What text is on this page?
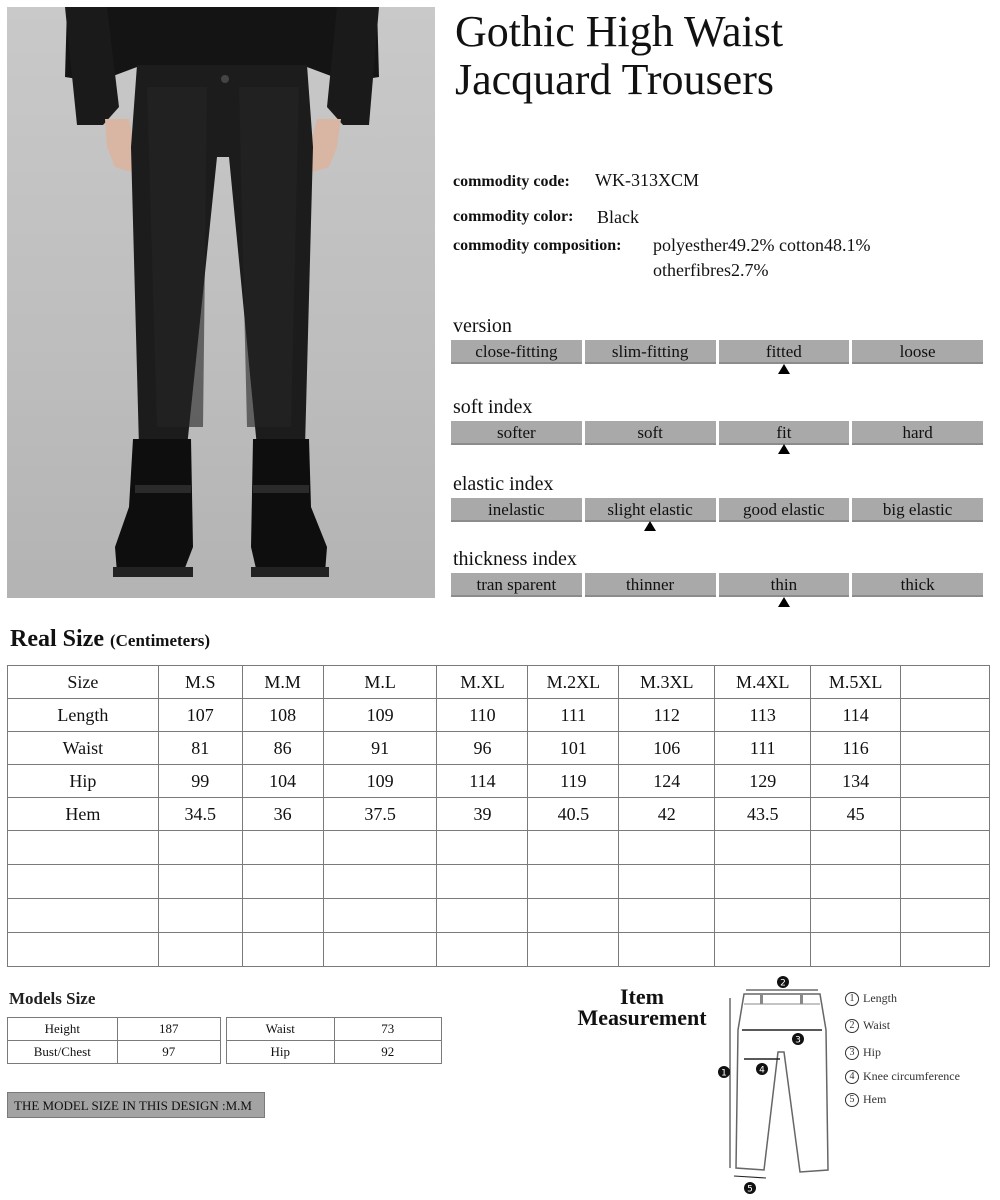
Gothic High Waist
Jacquard Trousers
commodity code: WK-313XCM
commodity color: Black
commodity composition: polyesther49.2% cotton48.1%
otherfibres2.7%
version
close-fitting	slim-fitting	fitted	loose
soft index
softer	soft	fit	hard
elastic index
inelastic	slight elastic	good elastic	big elastic
thickness index
tran sparent	thinner	thin	thick
Real Size (Centimeters)
Size	M.S	M.M	M.L	M.XL	M.2XL	M.3XL	M.4XL	M.5XL	
Length	107	108	109	110	111	112	113	114	
Waist	81	86	91	96	101	106	111	116	
Hip	99	104	109	114	119	124	129	134	
Hem	34.5	36	37.5	39	40.5	42	43.5	45	

Models Size
Height	187
Bust/Chest	97
Waist	73
Hip	92
THE MODEL SIZE IN THIS DESIGN :M.M
Item
Measurement
2
3
4
1
5
1 Length
2 Waist
3 Hip
4 Knee circumference
5 Hem
